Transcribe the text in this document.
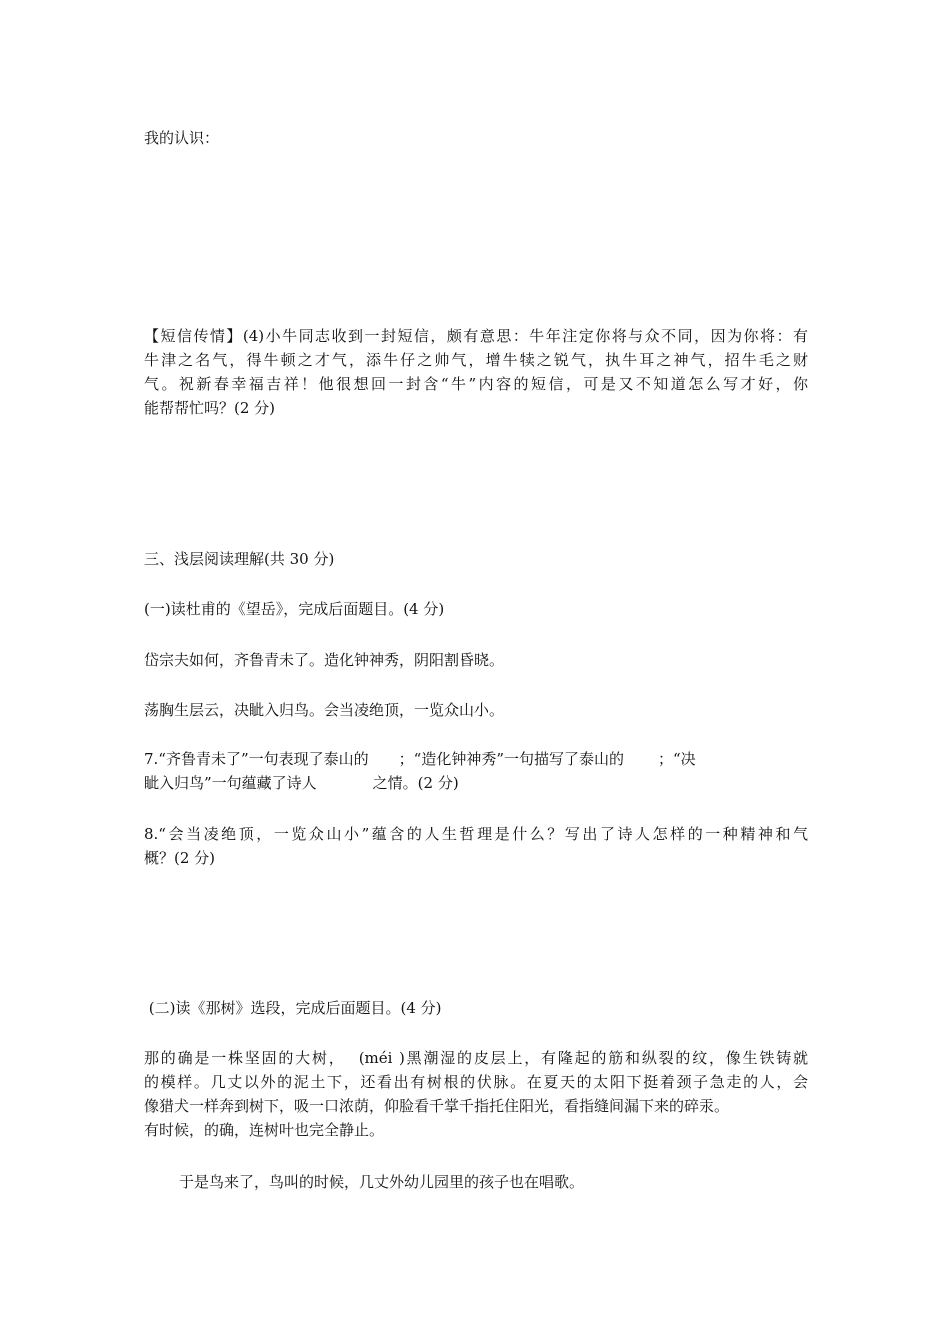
我的认识：

【短信传情】(4)小牛同志收到一封短信，颇有意思：牛年注定你将与众不同，因为你将：有
牛津之名气，得牛顿之才气，添牛仔之帅气，增牛犊之锐气，执牛耳之神气，招牛毛之财
气。祝新春幸福吉祥！他很想回一封含“牛”内容的短信，可是又不知道怎么写才好，你
能帮帮忙吗？(2 分)

三、浅层阅读理解(共 30 分)

(一)读杜甫的《望岳》，完成后面题目。(4 分)

岱宗夫如何，齐鲁青未了。造化钟神秀，阴阳割昏晓。

荡胸生层云，决眦入归鸟。会当凌绝顶，一览众山小。

7.“齐鲁青未了”一句表现了泰山的 ；“造化钟神秀”一句描写了泰山的 ；“决
眦入归鸟”一句蕴藏了诗人	之情。(2 分)
8.“会当凌绝顶，一览众山小”蕴含的人生哲理是什么？写出了诗人怎样的一种精神和气
概？(2 分)

(二)读《那树》选段，完成后面题目。(4 分)

那的确是一株坚固的大树，  (méi )黑潮湿的皮层上，有隆起的筋和纵裂的纹，像生铁铸就
的模样。几丈以外的泥土下，还看出有树根的伏脉。在夏天的太阳下挺着颈子急走的人，会
像猎犬一样奔到树下，吸一口浓荫，仰脸看千掌千指托住阳光，看指缝间漏下来的碎汞。
有时候，的确，连树叶也完全静止。

于是鸟来了，鸟叫的时候，几丈外幼儿园里的孩子也在唱歌。
